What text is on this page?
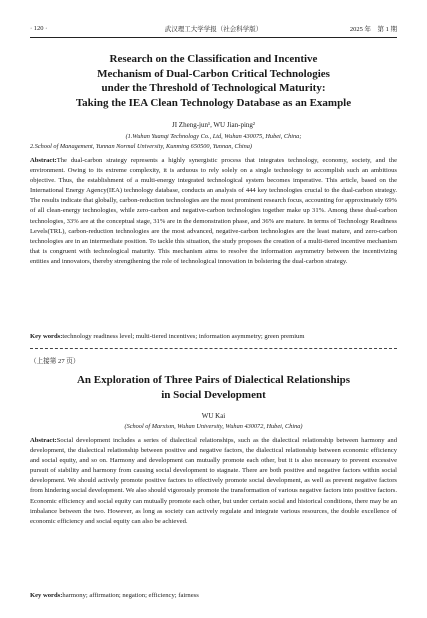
· 120 ·	武汉理工大学学报（社会科学版）	2025 年　第 1 期
Research on the Classification and Incentive
Mechanism of Dual-Carbon Critical Technologies
under the Threshold of Technological Maturity:
Taking the IEA Clean Technology Database as an Example
JI Zheng-jun¹, WU Jian-ping²
(1.Wuhan Yuanqi Technology Co., Ltd, Wuhan 430075, Hubei, China;
2.School of Management, Yunnan Normal University, Kunming 650500, Yunnan, China)
Abstract:The dual-carbon strategy represents a highly synergistic process that integrates technology, economy, society, and the environment. Owing to its extreme complexity, it is arduous to rely solely on a single technology to accomplish such an ambitious objective. Thus, the establishment of a multi-energy integrated technological system becomes imperative. This article, based on the International Energy Agency(IEA) technology database, conducts an analysis of 444 key technologies crucial to the dual-carbon strategy. The results indicate that globally, carbon-reduction technologies are the most prominent research focus, accounting for approximately 69% of all clean-energy technologies, while zero-carbon and negative-carbon technologies together make up 31%. Among these dual-carbon technologies, 33% are at the conceptual stage, 31% are in the demonstration phase, and 36% are mature. In terms of Technology Readiness Levels(TRL), carbon-reduction technologies are the most advanced, negative-carbon technologies are the least mature, and zero-carbon technologies are in an intermediate position. To tackle this situation, the study proposes the creation of a multi-tiered incentive mechanism that is congruent with technological maturity. This mechanism aims to resolve the information asymmetry between the incentivizing entities and innovators, thereby strengthening the role of technological innovation in bolstering the dual-carbon strategy.
Key words:technology readiness level; multi-tiered incentives; information asymmetry; green premium
（上接第 27 页）
An Exploration of Three Pairs of Dialectical Relationships
in Social Development
WU Kai
(School of Marxism, Wuhan University, Wuhan 430072, Hubei, China)
Abstract:Social development includes a series of dialectical relationships, such as the dialectical relationship between harmony and development, the dialectical relationship between positive and negative factors, the dialectical relationship between economic efficiency and social equity, and so on. Harmony and development can mutually promote each other, but it is also necessary to prevent excessive pursuit of stability and harmony from causing social development to stagnate. There are both positive and negative factors within social development. We should actively promote positive factors to effectively promote social development, as well as prevent negative factors from hindering social development. We also should vigorously promote the transformation of various negative factors into positive factors. Economic efficiency and social equity can mutually promote each other, but under certain social and historical conditions, there may be an imbalance between the two. However, as long as society can actively regulate and integrate various resources, the double excellence of economic efficiency and social equity can also be achieved.
Key words:harmony; affirmation; negation; efficiency; fairness
